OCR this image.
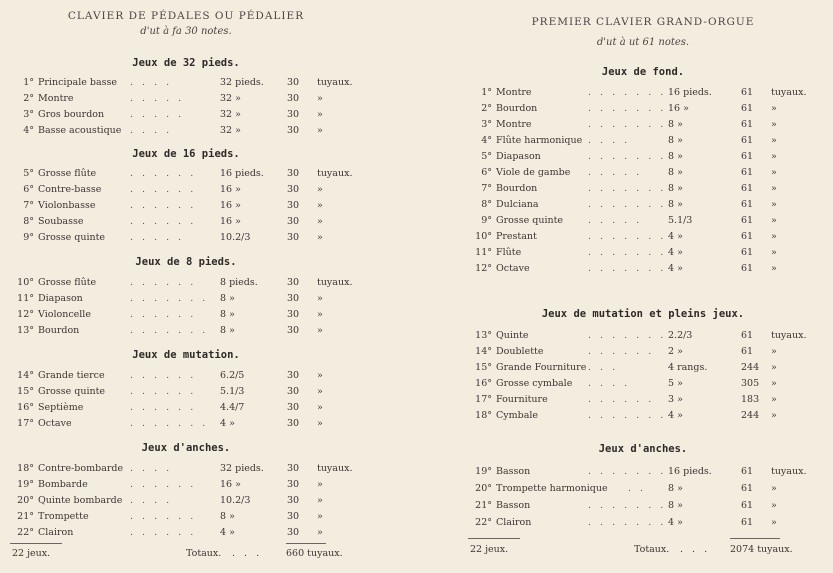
CLAVIER DE PÉDALES OU PÉDALIER
d'ut à fa 30 notes.
Jeux de 32 pieds.
1° Principale basse . . . .	32 pieds.	30	tuyaux.
2° Montre	. . . . .	32 »	30	»
3° Gros bourdon	. . . . .	32 »	30	»
4° Basse acoustique . . . .	32 »	30	»
Jeux de 16 pieds.
5° Grosse flûte	. . . . . .	16 pieds.	30	tuyaux.
6° Contre-basse	. . . . . .	16 »	30	»
7° Violonbasse	. . . . . .	16 »	30	»
8° Soubasse	. . . . . .	16 »	30	»
9° Grosse quinte	. . . . .	10.2/3	30	»
Jeux de 8 pieds.
10° Grosse flûte	. . . . . .	8 pieds.	30	tuyaux.
11° Diapason	. . . . . . . 8 »	30	»
12° Violoncelle	. . . . . .	8 »	30	»
13° Bourdon	. . . . . . . 8 »	30	»
Jeux de mutation.
14° Grande tierce	. . . . . .	6.2/5	30	»
15° Grosse quinte	. . . . . .	5.1/3	30	»
16° Septième	. . . . . .	4.4/7	30	»
17° Octave	. . . . . . . 4 »	30	»
Jeux d'anches.
18° Contre-bombarde . . . .	32 pieds.	30	tuyaux.
19° Bombarde	. . . . . .	16 »	30	»
20° Quinte bombarde . . . .	10.2/3	30	»
21° Trompette	. . . . . .	8 »	30	»
22° Clairon	. . . . . .	4 »	30	»
22 jeux.	Totaux. . . .	660 tuyaux.
PREMIER CLAVIER GRAND-ORGUE
d'ut à ut 61 notes.
Jeux de fond.
1° Montre	. . . . . . . 16 pieds.	61	tuyaux.
2° Bourdon	. . . . . . . 16 »	61	»
3° Montre	. . . . . . . 8 »	61	»
4° Flûte harmonique . . . .	8 »	61	»
5° Diapason	. . . . . . . 8 »	61	»
6° Viole de gambe . . . . .	8 »	61	»
7° Bourdon	. . . . . . . 8 »	61	»
8° Dulciana	. . . . . . . 8 »	61	»
9° Grosse quinte	. . . . .	5.1/3	61	»
10° Prestant	. . . . . . . 4 »	61	»
11° Flûte	. . . . . . . 4 »	61	»
12° Octave	. . . . . . . 4 »	61	»
Jeux de mutation et pleins jeux.
13° Quinte	. . . . . . . 2.2/3	61	tuyaux.
14° Doublette	. . . . . . 2 »	61	»
15° Grande Fourniture . . .	4 rangs.	244	»
16° Grosse cymbale . . . .	5 »	305	»
17° Fourniture	. . . . . . 3 »	183	»
18° Cymbale	. . . . . . . 4 »	244	»
Jeux d'anches.
19° Basson	. . . . . . . 16 pieds.	61	tuyaux.
20° Trompette harmonique . . 8 »	61	»
21° Basson	. . . . . . . 8 »	61	»
22° Clairon	. . . . . . . 4 »	61	»
22 jeux.	Totaux. . . . 2074 tuyaux.
